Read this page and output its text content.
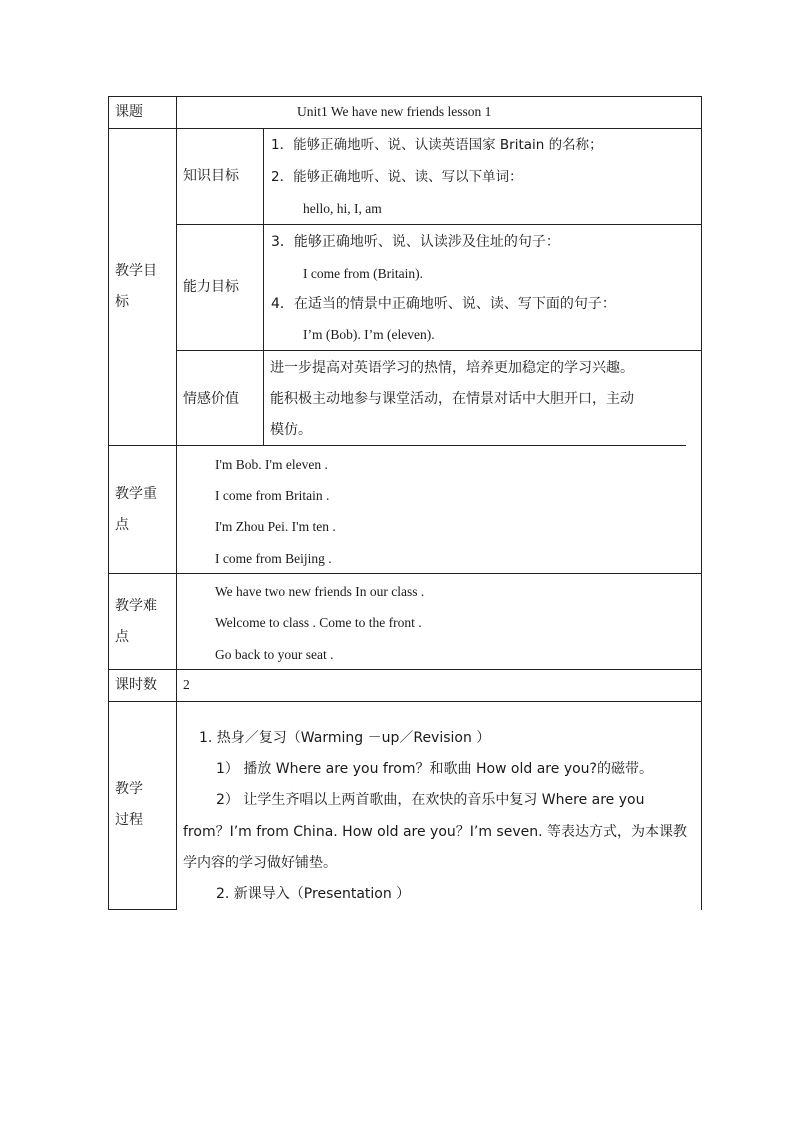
课题	Unit1 We have new friends lesson 1
教学目
标
知识目标
1．能够正确地听、说、认读英语国家 Britain 的名称；
2．能够正确地听、说、读、写以下单词：
hello, hi, I, am
能力目标
3．能够正确地听、说、认读涉及住址的句子：
I come from (Britain).
4．在适当的情景中正确地听、说、读、写下面的句子：
I’m (Bob). I’m (eleven).
情感价值
进一步提高对英语学习的热情，培养更加稳定的学习兴趣。
能积极主动地参与课堂活动，在情景对话中大胆开口，主动
模仿。
教学重
点
I'm Bob. I'm eleven .
I come from Britain .
I'm Zhou Pei. I'm ten .
I come from Beijing .
教学难
点
We have two new friends In our class .
Welcome to class . Come to the front .
Go back to your seat .
课时数 2
教学
过程
1. 热身／复习（Warming －up／Revision ）
1） 播放 Where are you from？和歌曲 How old are you?的磁带。
2） 让学生齐唱以上两首歌曲，在欢快的音乐中复习 Where are you
from？I’m from China. How old are you？I’m seven. 等表达方式，为本课教
学内容的学习做好铺垫。
2. 新课导入（Presentation ）
